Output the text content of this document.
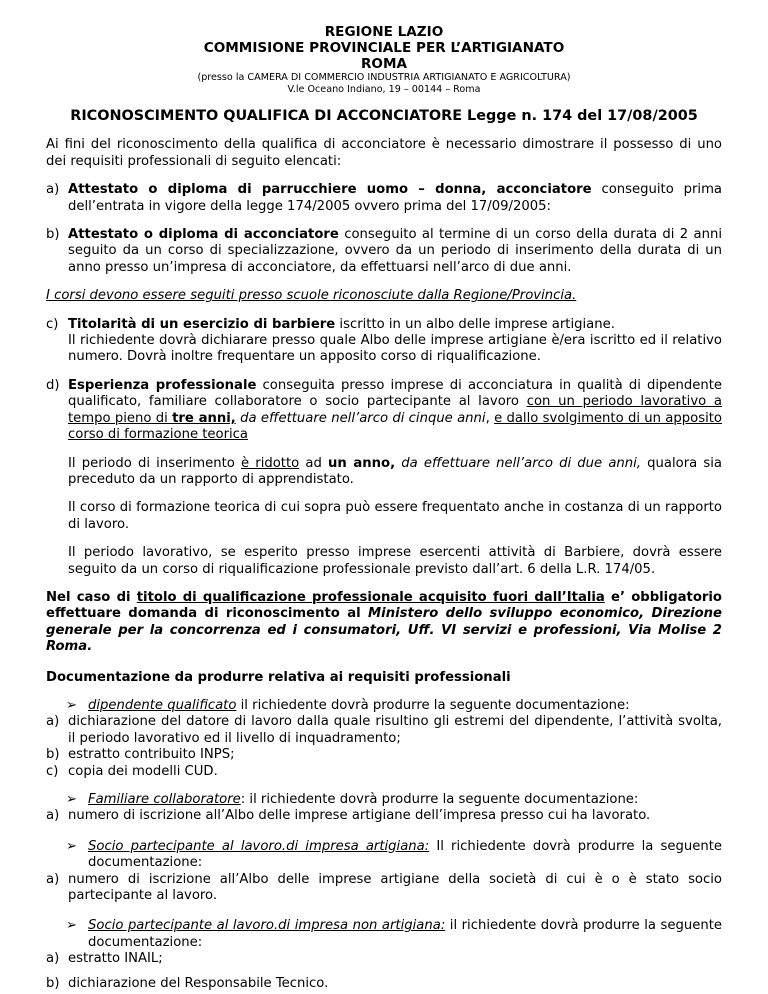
REGIONE LAZIO
COMMISIONE PROVINCIALE PER L’ARTIGIANATO
ROMA
(presso la CAMERA DI COMMERCIO INDUSTRIA ARTIGIANATO E AGRICOLTURA)
V.le Oceano Indiano, 19 – 00144 – Roma
RICONOSCIMENTO QUALIFICA DI ACCONCIATORE Legge n. 174 del 17/08/2005

Ai fini del riconoscimento della qualifica di acconciatore è necessario dimostrare il possesso di uno dei requisiti professionali di seguito elencati:

a) Attestato o diploma di parrucchiere uomo – donna, acconciatore conseguito prima dell’entrata in vigore della legge 174/2005 ovvero prima del 17/09/2005:
b) Attestato o diploma di acconciatore conseguito al termine di un corso della durata di 2 anni seguito da un corso di specializzazione, ovvero da un periodo di inserimento della durata di un anno presso un’impresa di acconciatore, da effettuarsi nell’arco di due anni.

I corsi devono essere seguiti presso scuole riconosciute dalla Regione/Provincia.

c) Titolarità di un esercizio di barbiere iscritto in un albo delle imprese artigiane.
Il richiedente dovrà dichiarare presso quale Albo delle imprese artigiane è/era iscritto ed il relativo numero. Dovrà inoltre frequentare un apposito corso di riqualificazione.
d) Esperienza professionale conseguita presso imprese di acconciatura in qualità di dipendente qualificato, familiare collaboratore o socio partecipante al lavoro con un periodo lavorativo a tempo pieno di tre anni, da effettuare nell’arco di cinque anni, e dallo svolgimento di un apposito corso di formazione teorica

Il periodo di inserimento è ridotto ad un anno, da effettuare nell’arco di due anni, qualora sia preceduto da un rapporto di apprendistato.

Il corso di formazione teorica di cui sopra può essere frequentato anche in costanza di un rapporto di lavoro.

Il periodo lavorativo, se esperito presso imprese esercenti attività di Barbiere, dovrà essere seguito da un corso di riqualificazione professionale previsto dall’art. 6 della L.R. 174/05.

Nel caso di titolo di qualificazione professionale acquisito fuori dall’Italia e’ obbligatorio effettuare domanda di riconoscimento al Ministero dello sviluppo economico, Direzione generale per la concorrenza ed i consumatori, Uff. VI servizi e professioni, Via Molise 2 Roma.

Documentazione da produrre relativa ai requisiti professionali

➢ dipendente qualificato il richiedente dovrà produrre la seguente documentazione:
a) dichiarazione del datore di lavoro dalla quale risultino gli estremi del dipendente, l’attività svolta, il periodo lavorativo ed il livello di inquadramento;
b) estratto contribuito INPS;
c) copia dei modelli CUD.
➢ Familiare collaboratore: il richiedente dovrà produrre la seguente documentazione:
a) numero di iscrizione all’Albo delle imprese artigiane dell’impresa presso cui ha lavorato.
➢ Socio partecipante al lavoro.di impresa artigiana: Il richiedente dovrà produrre la seguente documentazione:
a) numero di iscrizione all’Albo delle imprese artigiane della società di cui è o è stato socio partecipante al lavoro.
➢ Socio partecipante al lavoro.di impresa non artigiana: il richiedente dovrà produrre la seguente documentazione:
a) estratto INAIL;
b) dichiarazione del Responsabile Tecnico.
